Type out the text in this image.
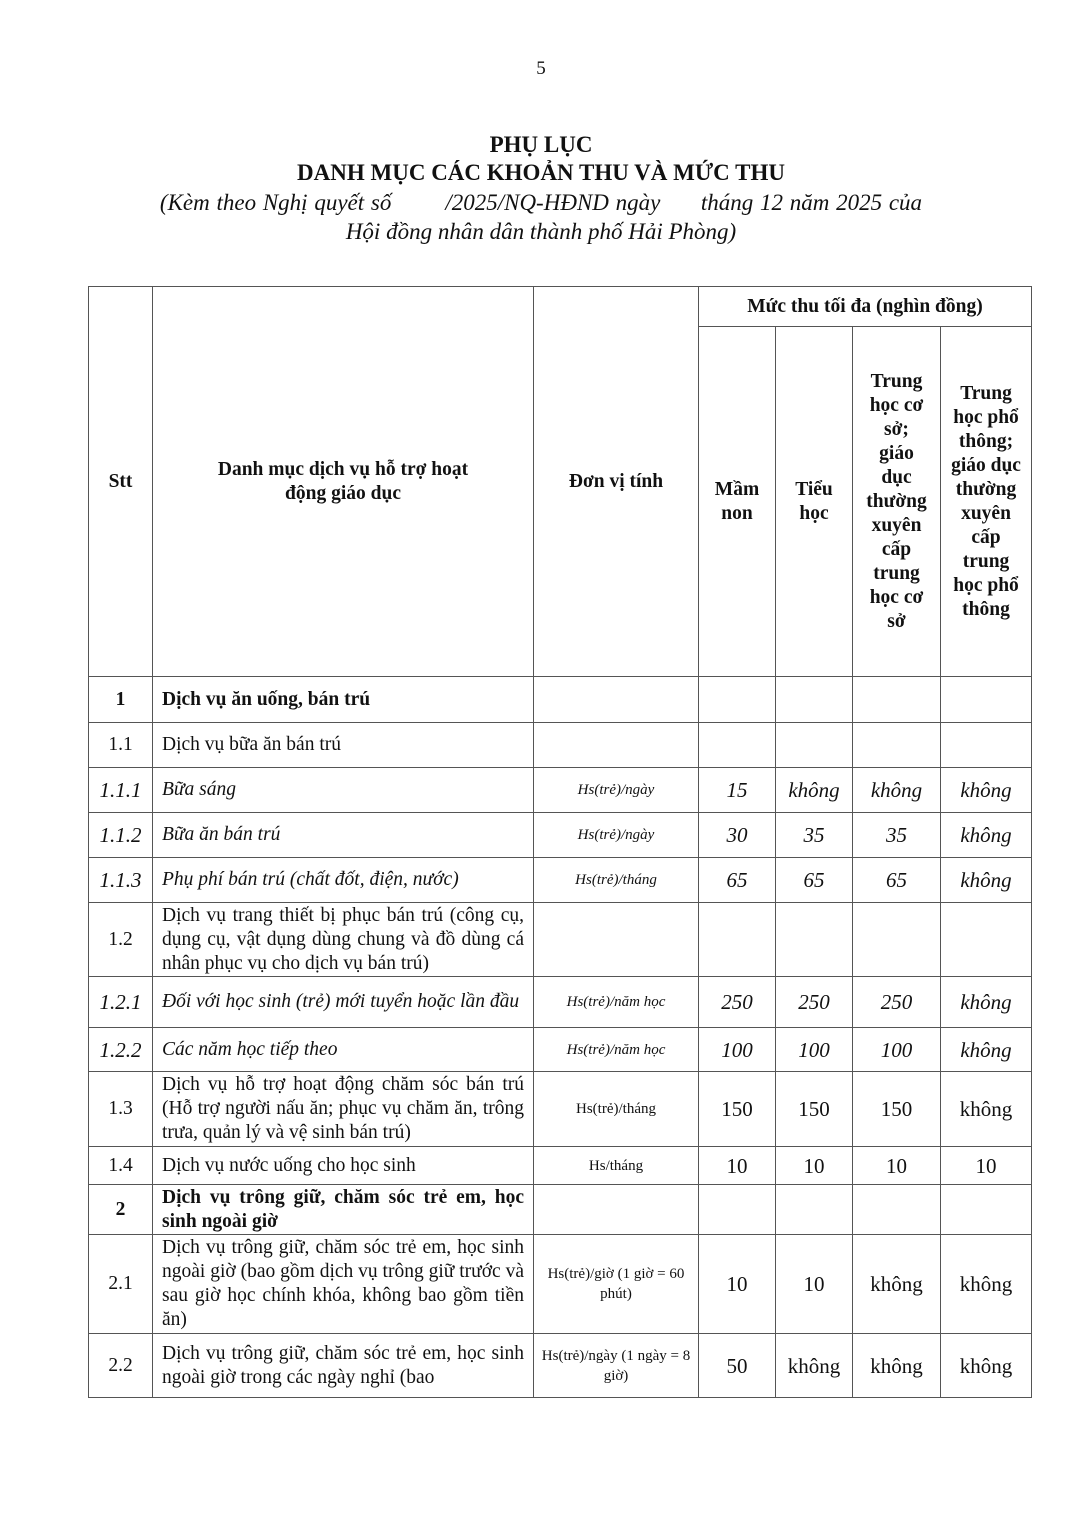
5
PHỤ LỤC
DANH MỤC CÁC KHOẢN THU VÀ MỨC THU
(Kèm theo Nghị quyết số        /2025/NQ-HĐND ngày      tháng 12 năm 2025 của
Hội đồng nhân dân thành phố Hải Phòng)
Stt	Danh mục dịch vụ hỗ trợ hoạt động giáo dục	Đơn vị tính	Mức thu tối đa (nghìn đồng)			
			Mầm non	Tiểu học	Trung học cơ sở; giáo dục thường xuyên cấp trung học cơ sở	Trung học phổ thông; giáo dục thường xuyên cấp trung học phổ thông
1	Dịch vụ ăn uống, bán trú					
1.1	Dịch vụ bữa ăn bán trú					
1.1.1	Bữa sáng	Hs(trẻ)/ngày	15	không	không	không
1.1.2	Bữa ăn bán trú	Hs(trẻ)/ngày	30	35	35	không
1.1.3	Phụ phí bán trú (chất đốt, điện, nước)	Hs(trẻ)/tháng	65	65	65	không
1.2	Dịch vụ trang thiết bị phục bán trú (công cụ, dụng cụ, vật dụng dùng chung và đồ dùng cá nhân phục vụ cho dịch vụ bán trú)					
1.2.1	Đối với học sinh (trẻ) mới tuyển hoặc lần đầu	Hs(trẻ)/năm học	250	250	250	không
1.2.2	Các năm học tiếp theo	Hs(trẻ)/năm học	100	100	100	không
1.3	Dịch vụ hỗ trợ hoạt động chăm sóc bán trú (Hỗ trợ người nấu ăn; phục vụ chăm ăn, trông trưa, quản lý và vệ sinh bán trú)	Hs(trẻ)/tháng	150	150	150	không
1.4	Dịch vụ nước uống cho học sinh	Hs/tháng	10	10	10	10
2	Dịch vụ trông giữ, chăm sóc trẻ em, học sinh ngoài giờ					
2.1	Dịch vụ trông giữ, chăm sóc trẻ em, học sinh ngoài giờ (bao gồm dịch vụ trông giữ trước và sau giờ học chính khóa, không bao gồm tiền ăn)	Hs(trẻ)/giờ (1 giờ = 60 phút)	10	10	không	không
2.2	Dịch vụ trông giữ, chăm sóc trẻ em, học sinh ngoài giờ trong các ngày nghỉ (bao	Hs(trẻ)/ngày (1 ngày = 8 giờ)	50	không	không	không
